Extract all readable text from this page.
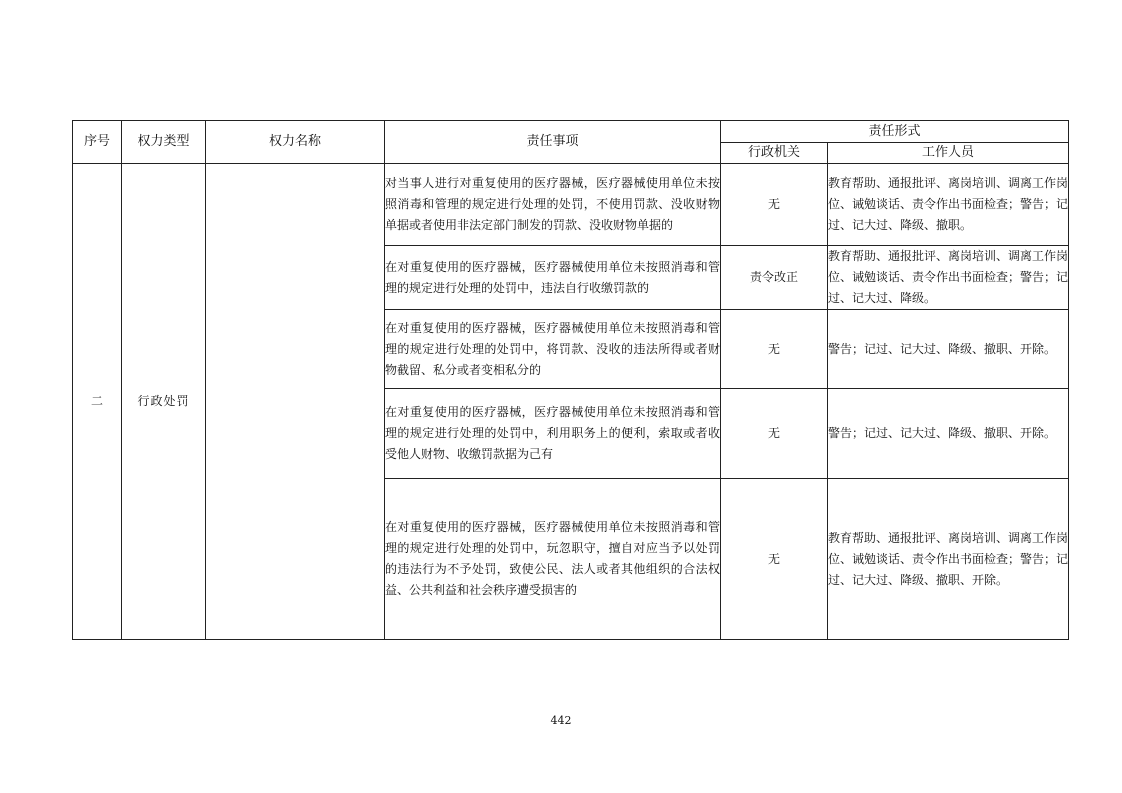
序号	权力类型	权力名称	责任事项	责任形式	
				行政机关	工作人员
二	行政处罚		对当事人进行对重复使用的医疗器械，医疗器械使用单位未按照消毒和管理的规定进行处理的处罚，不使用罚款、没收财物单据或者使用非法定部门制发的罚款、没收财物单据的	无	教育帮助、通报批评、离岗培训、调离工作岗位、诫勉谈话、责令作出书面检查；警告；记过、记大过、降级、撤职。
			在对重复使用的医疗器械，医疗器械使用单位未按照消毒和管理的规定进行处理的处罚中，违法自行收缴罚款的	责令改正	教育帮助、通报批评、离岗培训、调离工作岗位、诫勉谈话、责令作出书面检查；警告；记过、记大过、降级。
			在对重复使用的医疗器械，医疗器械使用单位未按照消毒和管理的规定进行处理的处罚中，将罚款、没收的违法所得或者财物截留、私分或者变相私分的	无	警告；记过、记大过、降级、撤职、开除。
			在对重复使用的医疗器械，医疗器械使用单位未按照消毒和管理的规定进行处理的处罚中，利用职务上的便利，索取或者收受他人财物、收缴罚款据为己有	无	警告；记过、记大过、降级、撤职、开除。
			在对重复使用的医疗器械，医疗器械使用单位未按照消毒和管理的规定进行处理的处罚中，玩忽职守，擅自对应当予以处罚的违法行为不予处罚，致使公民、法人或者其他组织的合法权益、公共利益和社会秩序遭受损害的	无	教育帮助、通报批评、离岗培训、调离工作岗位、诫勉谈话、责令作出书面检查；警告；记过、记大过、降级、撤职、开除。
442
